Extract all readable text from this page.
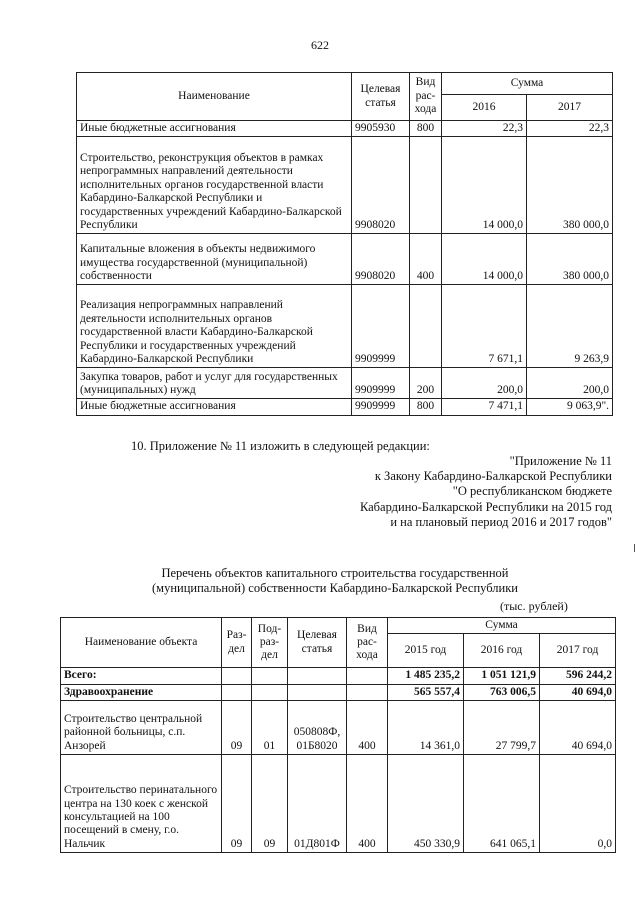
622
Наименование	Целевая статья	Вид рас-хода	Сумма	
			2016	2017
Иные бюджетные ассигнования	9905930	800	22,3	22,3
Строительство, реконструкция объектов в рамках непрограммных направлений деятельности исполнительных органов государственной власти Кабардино-Балкарской Республики и государственных учреждений Кабардино-Балкарской Республики	9908020		14 000,0	380 000,0
Капитальные вложения в объекты недвижимого имущества государственной (муниципальной) собственности	9908020	400	14 000,0	380 000,0
Реализация непрограммных направлений деятельности исполнительных органов государственной власти Кабардино-Балкарской Республики и государственных учреждений Кабардино-Балкарской Республики	9909999		7 671,1	9 263,9
Закупка товаров, работ и услуг для государственных (муниципальных) нужд	9909999	200	200,0	200,0
Иные бюджетные ассигнования	9909999	800	7 471,1	9 063,9".
10. Приложение № 11 изложить в следующей редакции:
"Приложение № 11
к Закону Кабардино-Балкарской Республики
"О республиканском бюджете
Кабардино-Балкарской Республики на 2015 год
и на плановый период 2016 и 2017 годов"
Перечень объектов капитального строительства государственной
(муниципальной) собственности Кабардино-Балкарской Республики
(тыс. рублей)
Наименование объекта	Раз-дел	Под-раз-дел	Целевая статья	Вид рас-хода	Сумма		
					2015 год	2016 год	2017 год
Всего:					1 485 235,2	1 051 121,9	596 244,2
Здравоохранение					565 557,4	763 006,5	40 694,0
Строительство центральной районной больницы, с.п. Анзорей	09	01	050808Ф, 01Б8020	400	14 361,0	27 799,7	40 694,0
Строительство перинатального центра на 130 коек с женской консультацией на 100 посещений в смену, г.о. Нальчик	09	09	01Д801Ф	400	450 330,9	641 065,1	0,0
